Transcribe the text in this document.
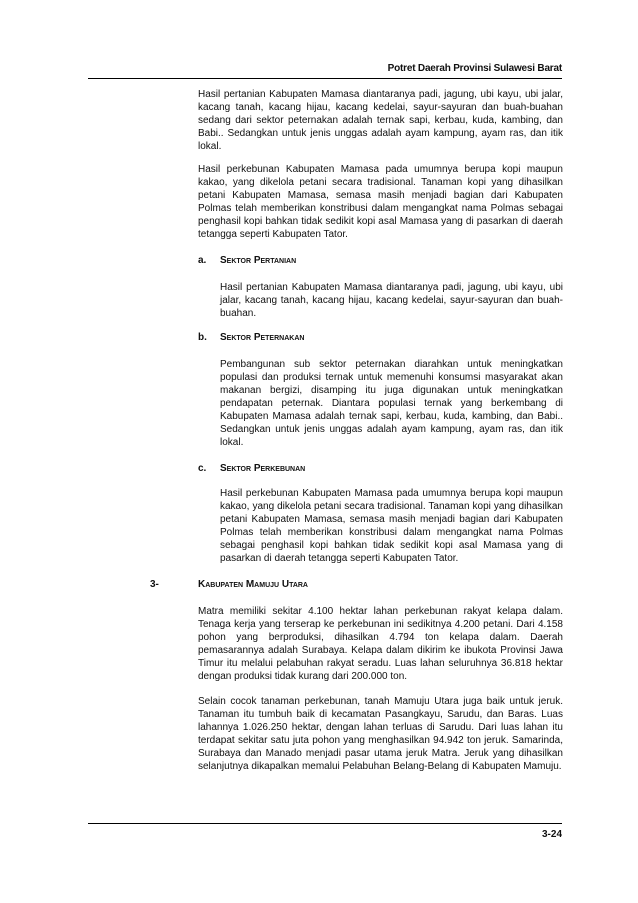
Potret Daerah Provinsi Sulawesi Barat

Hasil pertanian Kabupaten Mamasa diantaranya padi, jagung, ubi kayu, ubi jalar, kacang tanah, kacang hijau, kacang kedelai, sayur-sayuran dan buah-buahan sedang dari sektor peternakan adalah ternak sapi, kerbau, kuda, kambing, dan Babi.. Sedangkan untuk jenis unggas adalah ayam kampung, ayam ras, dan itik lokal.

Hasil perkebunan Kabupaten Mamasa pada umumnya berupa kopi maupun kakao, yang dikelola petani secara tradisional. Tanaman kopi yang dihasilkan petani Kabupaten Mamasa, semasa masih menjadi bagian dari Kabupaten Polmas telah memberikan konstribusi dalam mengangkat nama Polmas sebagai penghasil kopi bahkan tidak sedikit kopi asal Mamasa yang di pasarkan di daerah tetangga seperti Kabupaten Tator.

a. Sektor Pertanian

Hasil pertanian Kabupaten Mamasa diantaranya padi, jagung, ubi kayu, ubi jalar, kacang tanah, kacang hijau, kacang kedelai, sayur-sayuran dan buah-buahan.

b. Sektor Peternakan

Pembangunan sub sektor peternakan diarahkan untuk meningkatkan populasi dan produksi ternak untuk memenuhi konsumsi masyarakat akan makanan bergizi, disamping itu juga digunakan untuk meningkatkan pendapatan peternak. Diantara populasi ternak yang berkembang di Kabupaten Mamasa adalah ternak sapi, kerbau, kuda, kambing, dan Babi.. Sedangkan untuk jenis unggas adalah ayam kampung, ayam ras, dan itik lokal.

c. Sektor Perkebunan

Hasil perkebunan Kabupaten Mamasa pada umumnya berupa kopi maupun kakao, yang dikelola petani secara tradisional. Tanaman kopi yang dihasilkan petani Kabupaten Mamasa, semasa masih menjadi bagian dari Kabupaten Polmas telah memberikan konstribusi dalam mengangkat nama Polmas sebagai penghasil kopi bahkan tidak sedikit kopi asal Mamasa yang di pasarkan di daerah tetangga seperti Kabupaten Tator.

3-	Kabupaten Mamuju Utara

Matra memiliki sekitar 4.100 hektar lahan perkebunan rakyat kelapa dalam. Tenaga kerja yang terserap ke perkebunan ini sedikitnya 4.200 petani. Dari 4.158 pohon yang berproduksi, dihasilkan 4.794 ton kelapa dalam. Daerah pemasarannya adalah Surabaya. Kelapa dalam dikirim ke ibukota Provinsi Jawa Timur itu melalui pelabuhan rakyat seradu. Luas lahan seluruhnya 36.818 hektar dengan produksi tidak kurang dari 200.000 ton.

Selain cocok tanaman perkebunan, tanah Mamuju Utara juga baik untuk jeruk. Tanaman itu tumbuh baik di kecamatan Pasangkayu, Sarudu, dan Baras. Luas lahannya 1.026.250 hektar, dengan lahan terluas di Sarudu. Dari luas lahan itu terdapat sekitar satu juta pohon yang menghasilkan 94.942 ton jeruk. Samarinda, Surabaya dan Manado menjadi pasar utama jeruk Matra. Jeruk yang dihasilkan selanjutnya dikapalkan memalui Pelabuhan Belang-Belang di Kabupaten Mamuju.

3-24
